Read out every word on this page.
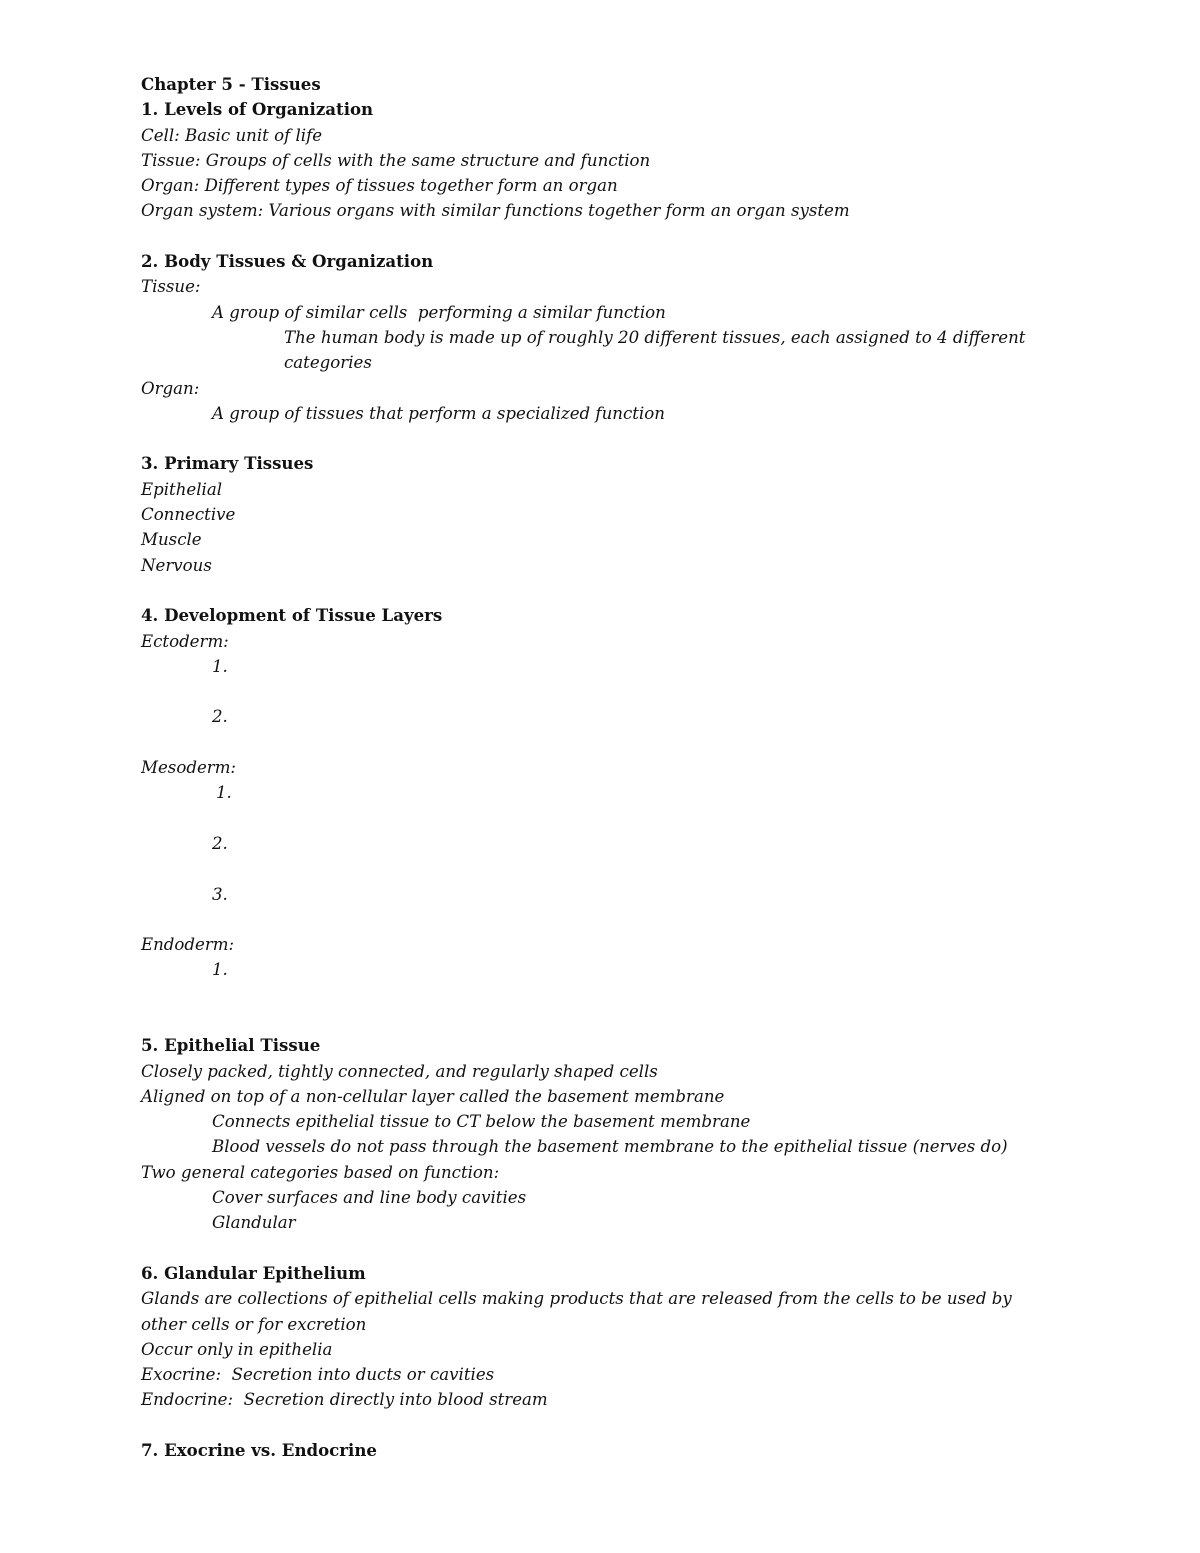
Chapter 5 - Tissues
1. Levels of Organization
Cell: Basic unit of life
Tissue: Groups of cells with the same structure and function
Organ: Different types of tissues together form an organ
Organ system: Various organs with similar functions together form an organ system
2. Body Tissues & Organization
Tissue:
A group of similar cells  performing a similar function
The human body is made up of roughly 20 different tissues, each assigned to 4 different
categories
Organ:
A group of tissues that perform a specialized function
3. Primary Tissues
Epithelial
Connective
Muscle
Nervous
4. Development of Tissue Layers
Ectoderm:
1.
2.
Mesoderm:
1.
2.
3.
Endoderm:
1.
5. Epithelial Tissue
Closely packed, tightly connected, and regularly shaped cells
Aligned on top of a non-cellular layer called the basement membrane
Connects epithelial tissue to CT below the basement membrane
Blood vessels do not pass through the basement membrane to the epithelial tissue (nerves do)
Two general categories based on function:
Cover surfaces and line body cavities
Glandular
6. Glandular Epithelium
Glands are collections of epithelial cells making products that are released from the cells to be used by
other cells or for excretion
Occur only in epithelia
Exocrine:  Secretion into ducts or cavities
Endocrine:  Secretion directly into blood stream
7. Exocrine vs. Endocrine
